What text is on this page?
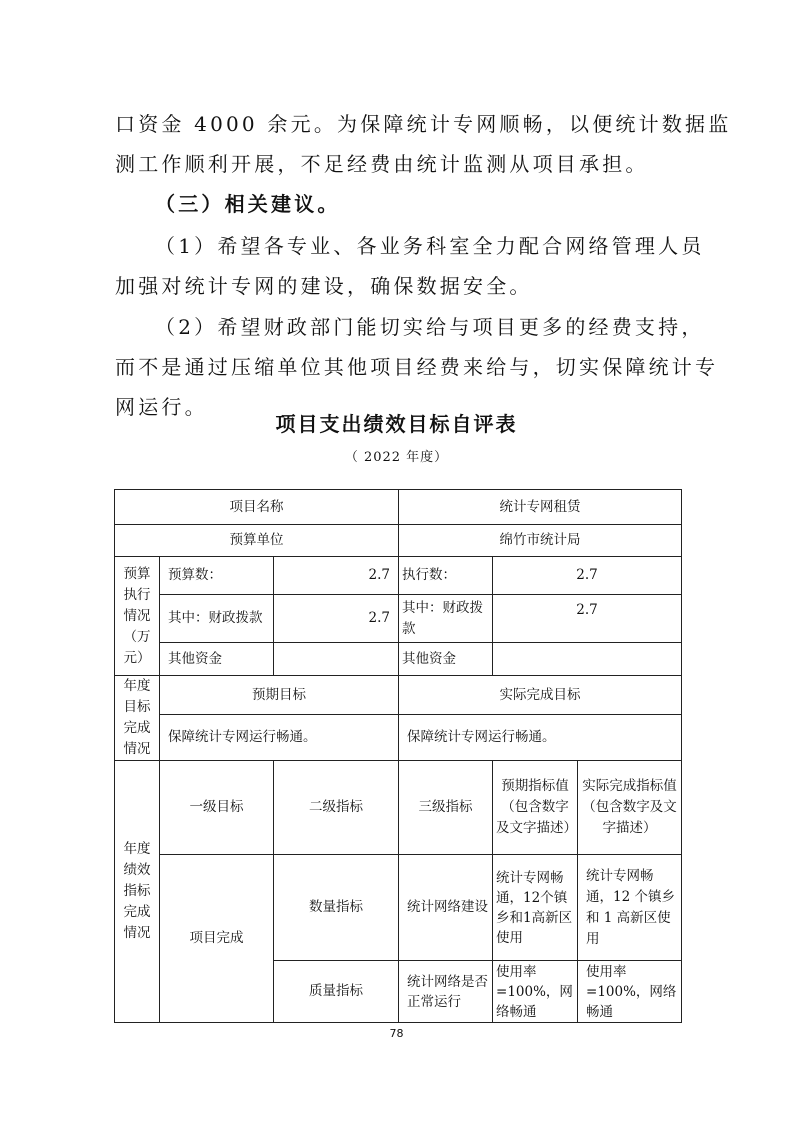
口资金 4000 余元。为保障统计专网顺畅，以便统计数据监
测工作顺利开展，不足经费由统计监测从项目承担。
（三）相关建议。
（1）希望各专业、各业务科室全力配合网络管理人员
加强对统计专网的建设，确保数据安全。
（2）希望财政部门能切实给与项目更多的经费支持，
而不是通过压缩单位其他项目经费来给与，切实保障统计专
网运行。
项目支出绩效目标自评表
（ 2022 年度）
项目名称			统计专网租赁		
预算单位			绵竹市统计局		
预算执行情况（万元）	预算数：	2.7	执行数：	2.7	
	其中：财政拨款	2.7	其中：财政拨款	2.7	
	其他资金		其他资金		
年度目标完成情况	预期目标		实际完成目标		
	保障统计专网运行畅通。		保障统计专网运行畅通。		
年度绩效指标完成情况	一级目标	二级指标	三级指标	预期指标值（包含数字及文字描述）	实际完成指标值（包含数字及文字描述）
	项目完成	数量指标	统计网络建设	统计专网畅通，12个镇乡和1高新区使用	统计专网畅通，12 个镇乡和 1 高新区使用
		质量指标	统计网络是否正常运行	使用率=100%，网络畅通	使用率=100%，网络畅通
78
